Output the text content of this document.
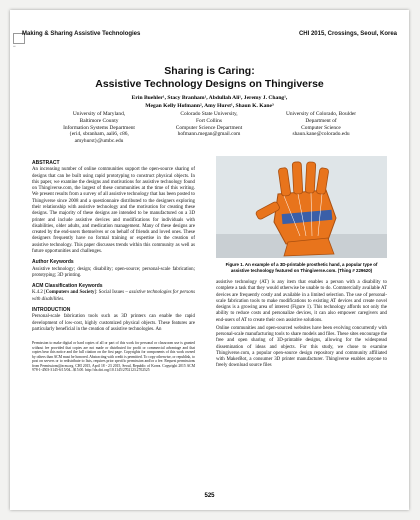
▪▪▪
Making & Sharing Assistive Technologies	CHI 2015, Crossings, Seoul, Korea
Sharing is Caring:
Assistive Technology Designs on Thingiverse
Erin Buehler¹, Stacy Branham¹, Abdullah Ali¹, Jeremy J. Chang¹,
Megan Kelly Hofmann², Amy Hurst¹, Shaun K. Kane³
University of Maryland,
Baltimore County
Information Systems Department
{eri4, sbranham, aali6, c86,
amyhurst}@umbc.edu
Colorado State University,
Fort Collins
Computer Science Department
hofmann.megan@gmail.com
University of Colorado, Boulder
Department of
Computer Science
shaun.kane@colorado.edu
ABSTRACT

An increasing number of online communities support the open-source sharing of designs that can be built using rapid prototyping to construct physical objects. In this paper, we examine the designs and motivations for assistive technology found on Thingiverse.com, the largest of these communities at the time of this writing. We present results from a survey of all assistive technology that has been posted to Thingiverse since 2008 and a questionnaire distributed to the designers exploring their relationship with assistive technology and the motivation for creating these designs. The majority of these designs are intended to be manufactured on a 3D printer and include assistive devices and modifications for individuals with disabilities, older adults, and medication management. Many of these designs are created by the end-users themselves or on behalf of friends and loved ones. These designers frequently have no formal training or expertise in the creation of assistive technology. This paper discusses trends within this community as well as future opportunities and challenges.

Author Keywords

Assistive technology; design; disability; open-source; personal-scale fabrication; prototyping; 3D printing.

ACM Classification Keywords

K.4.2 [Computers and Society]: Social Issues – assistive technologies for persons with disabilities.

INTRODUCTION

Personal-scale fabrication tools such as 3D printers can enable the rapid development of low-cost, highly customized physical objects. These features are particularly beneficial in the creation of assistive technologies. An

Permission to make digital or hard copies of all or part of this work for personal or classroom use is granted without fee provided that copies are not made or distributed for profit or commercial advantage and that copies bear this notice and the full citation on the first page. Copyrights for components of this work owned by others than ACM must be honored. Abstracting with credit is permitted. To copy otherwise, or republish, to post on servers or to redistribute to lists, requires prior specific permission and/or a fee. Request permissions from Permissions@acm.org. CHI 2015, April 18 - 23 2015, Seoul, Republic of Korea. Copyright 2015 ACM 978-1-4503-3145-6/15/04...$15.00. http://dx.doi.org/10.1145/2702123.2702525
Figure 1. An example of a 3D-printable prosthetic hand, a popular type of assistive technology featured on Thingiverse.com. (Thing # 229620)

assistive technology (AT) is any item that enables a person with a disability to complete a task that they would otherwise be unable to do. Commercially available AT devices are frequently costly and available in a limited selection. The use of personal-scale fabrication tools to make modifications to existing AT devices and create novel designs is a growing area of interest (Figure 1). This technology affords not only the ability to reduce costs and personalize devices, it can also empower caregivers and end-users of AT to create their own assistive solutions.

Online communities and open-sourced websites have been evolving concurrently with personal-scale manufacturing tools to share models and files. These sites encourage the free and open sharing of 3D-printable designs, allowing for the widespread dissemination of ideas and objects. For this study, we chose to examine Thingiverse.com, a popular open-source design repository and community affiliated with MakerBot, a consumer 3D printer manufacturer. Thingiverse enables anyone to freely download source files

525
